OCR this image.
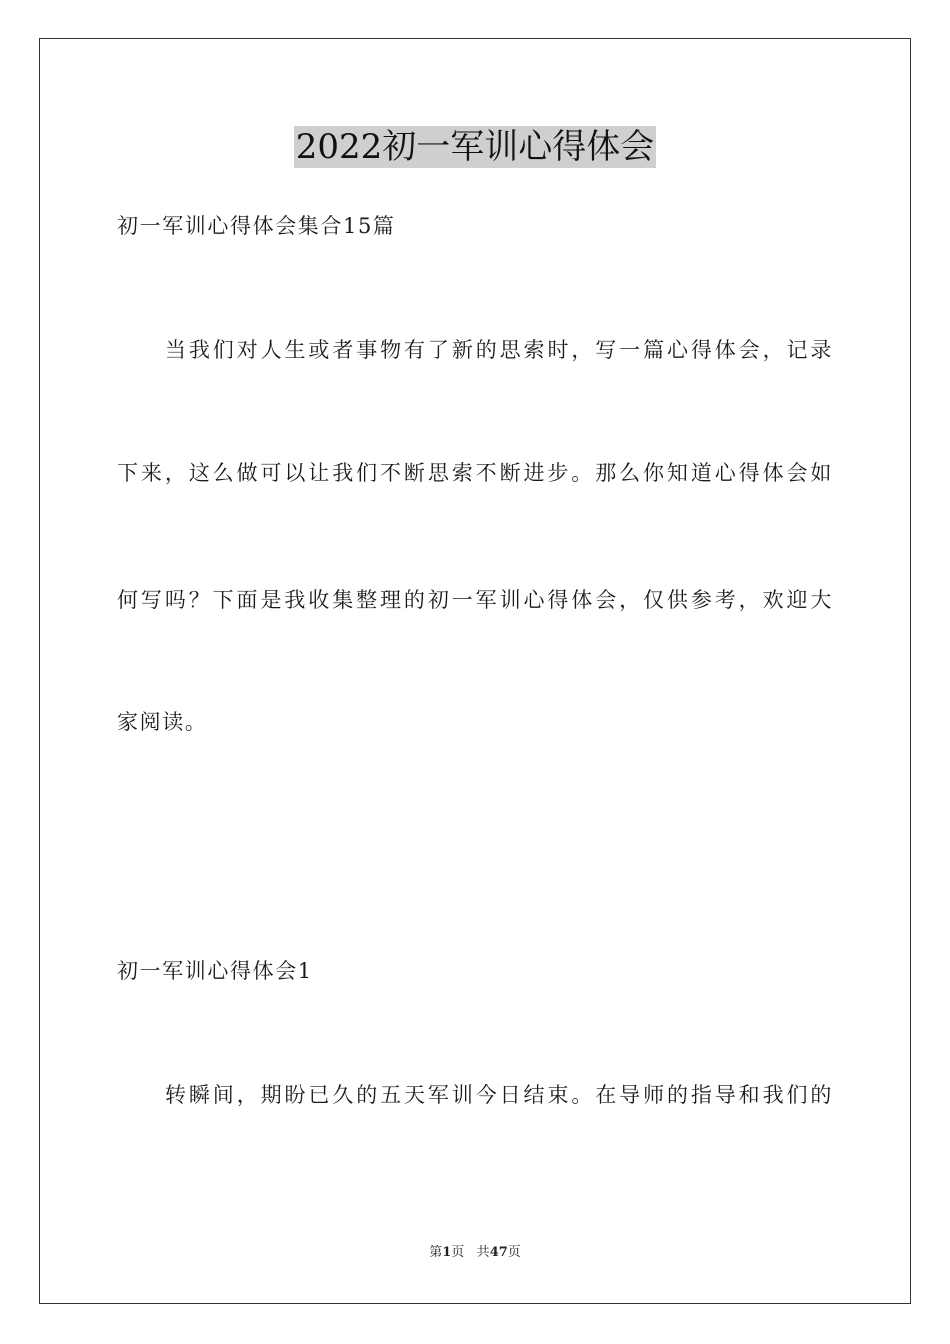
2022初一军训心得体会
初一军训心得体会集合15篇
当我们对人生或者事物有了新的思索时，写一篇心得体会，记录
下来，这么做可以让我们不断思索不断进步。那么你知道心得体会如
何写吗？下面是我收集整理的初一军训心得体会，仅供参考，欢迎大
家阅读。
初一军训心得体会1
转瞬间，期盼已久的五天军训今日结束。在导师的指导和我们的
第1页 共47页
